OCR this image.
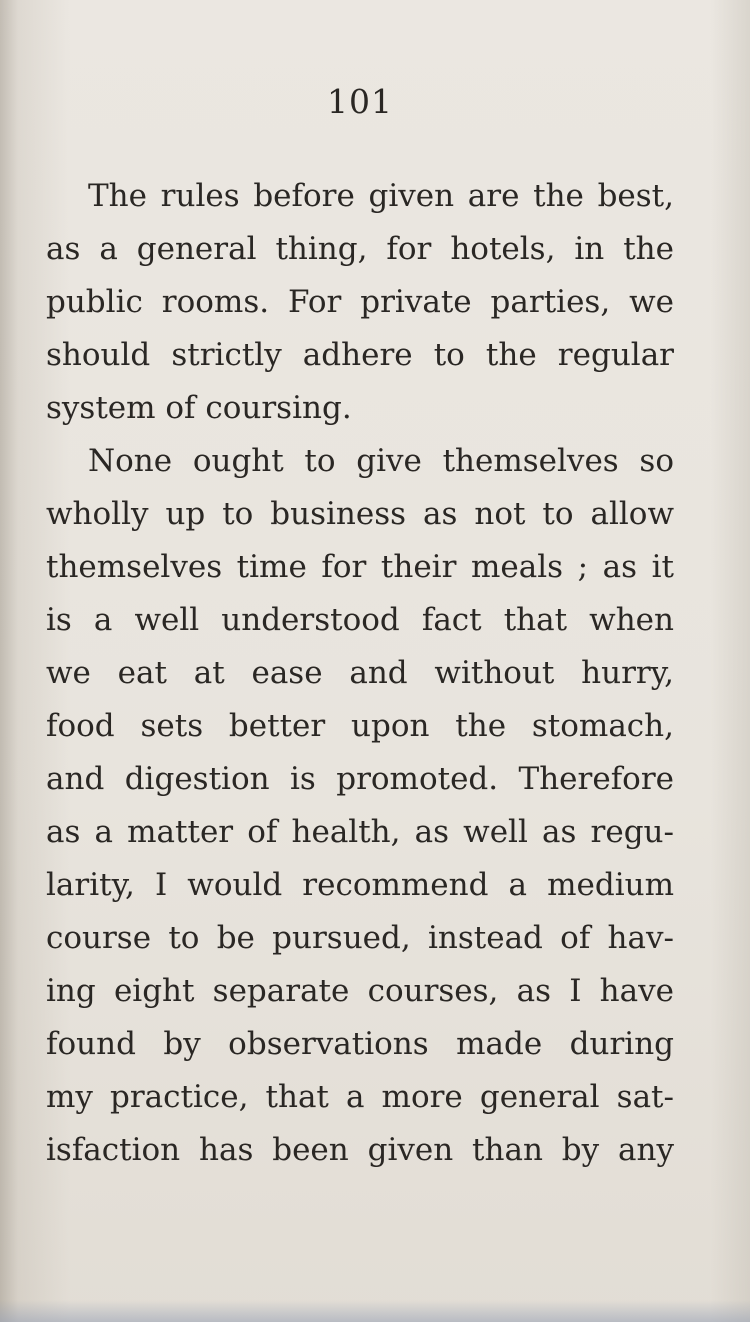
101
The rules before given are the best,
as a general thing, for hotels, in the
public rooms. For private parties, we
should strictly adhere to the regular
system of coursing.
None ought to give themselves so
wholly up to business as not to allow
themselves time for their meals ; as it
is a well understood fact that when
we eat at ease and without hurry,
food sets better upon the stomach,
and digestion is promoted. Therefore
as a matter of health, as well as regu-
larity, I would recommend a medium
course to be pursued, instead of hav-
ing eight separate courses, as I have
found by observations made during
my practice, that a more general sat-
isfaction has been given than by any
